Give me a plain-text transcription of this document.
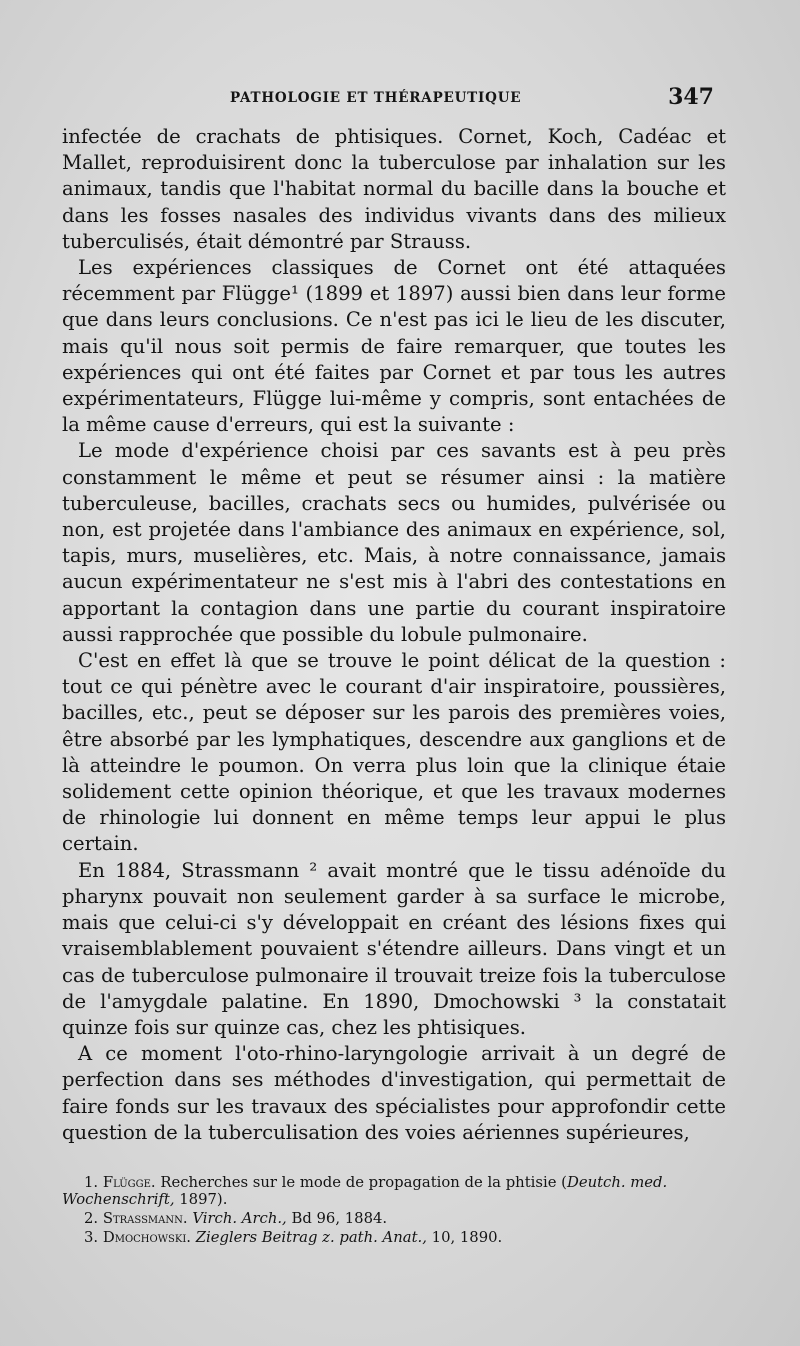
PATHOLOGIE ET THÉRAPEUTIQUE	347

infectée de crachats de phtisiques. Cornet, Koch, Cadéac et Mallet, reproduisirent donc la tuberculose par inhalation sur les animaux, tandis que l'habitat normal du bacille dans la bouche et dans les fosses nasales des individus vivants dans des milieux tuberculisés, était démontré par Strauss.

Les expériences classiques de Cornet ont été attaquées récemment par Flügge¹ (1899 et 1897) aussi bien dans leur forme que dans leurs conclusions. Ce n'est pas ici le lieu de les discuter, mais qu'il nous soit permis de faire remarquer, que toutes les expériences qui ont été faites par Cornet et par tous les autres expérimentateurs, Flügge lui-même y compris, sont entachées de la même cause d'erreurs, qui est la suivante :

Le mode d'expérience choisi par ces savants est à peu près constamment le même et peut se résumer ainsi : la matière tuberculeuse, bacilles, crachats secs ou humides, pulvérisée ou non, est projetée dans l'ambiance des animaux en expérience, sol, tapis, murs, muselières, etc. Mais, à notre connaissance, jamais aucun expérimentateur ne s'est mis à l'abri des contestations en apportant la contagion dans une partie du courant inspiratoire aussi rapprochée que possible du lobule pulmonaire.

C'est en effet là que se trouve le point délicat de la question : tout ce qui pénètre avec le courant d'air inspiratoire, poussières, bacilles, etc., peut se déposer sur les parois des premières voies, être absorbé par les lymphatiques, descendre aux ganglions et de là atteindre le poumon. On verra plus loin que la clinique étaie solidement cette opinion théorique, et que les travaux modernes de rhinologie lui donnent en même temps leur appui le plus certain.

En 1884, Strassmann ² avait montré que le tissu adénoïde du pharynx pouvait non seulement garder à sa surface le microbe, mais que celui-ci s'y développait en créant des lésions fixes qui vraisemblablement pouvaient s'étendre ailleurs. Dans vingt et un cas de tuberculose pulmonaire il trouvait treize fois la tuberculose de l'amygdale palatine. En 1890, Dmochowski ³ la constatait quinze fois sur quinze cas, chez les phtisiques.

A ce moment l'oto-rhino-laryngologie arrivait à un degré de perfection dans ses méthodes d'investigation, qui permettait de faire fonds sur les travaux des spécialistes pour approfondir cette question de la tuberculisation des voies aériennes supérieures,

1. Flügge. Recherches sur le mode de propagation de la phtisie (Deutch. med. Wochenschrift, 1897).

2. Strassmann. Virch. Arch., Bd 96, 1884.

3. Dmochowski. Zieglers Beitrag z. path. Anat., 10, 1890.
